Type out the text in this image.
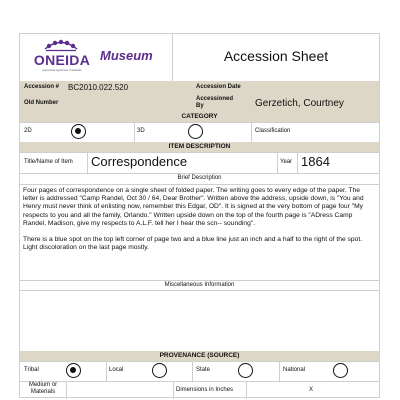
ONEIDA
Agwanisnik Agwehane Yukwatohe
Museum	Accession Sheet
Accession # BC2010.022.520	Accession Date
Old Number
Accessioned By	Gerzetich, Courtney
CATEGORY
2D	3D	Classification
ITEM DESCRIPTION
Title/Name of Item Correspondence	Year 1864
Brief Description

Four pages of correspondence on a single sheet of folded paper. The writing goes to every edge of the paper. The letter is addressed "Camp Randel, Oct 30 / 64, Dear Brother". Written above the address, upside down, is "You and Henry must never think of enlisting now, remember this Edgar, OD". It is signed at the very bottom of page four "My respects to you and all the family, Orlando." Written upside down on the top of the fourth page is "ADress Camp Randel, Madison, give my respects to A.L.F. tell her I hear the scn-- sounding".

There is a blue spot on the top left corner of page two and a blue line just an inch and a half to the right of the spot. Light discoloration on the last page mostly.

Miscellaneous Information
PROVENANCE (SOURCE)
Tribal	Local	State	National
Medium or Materials	Dimensions in Inches	X
